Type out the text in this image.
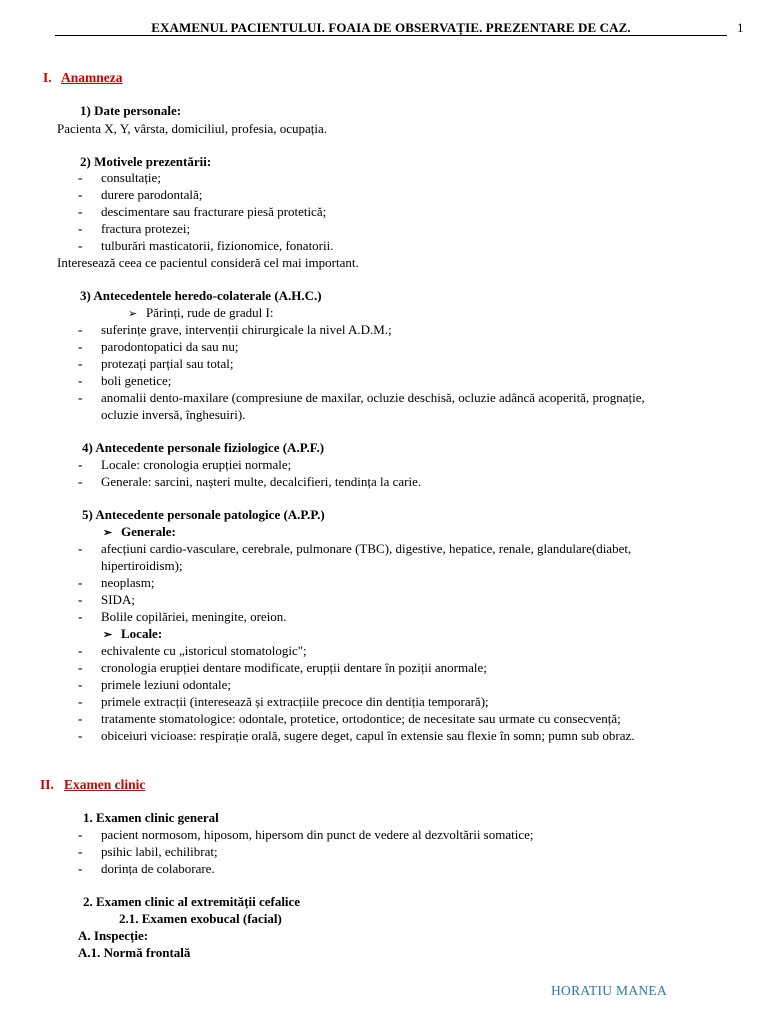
EXAMENUL PACIENTULUI. FOAIA DE OBSERVAȚIE. PREZENTARE DE CAZ.	1
I. Anamneza
1) Date personale:
Pacienta X, Y, vârsta, domiciliul, profesia, ocupația.
2) Motivele prezentării:
- consultație;
- durere parodontală;
- descimentare sau fracturare piesă protetică;
- fractura protezei;
- tulburări masticatorii, fizionomice, fonatorii.
Interesează ceea ce pacientul consideră cel mai important.
3) Antecedentele heredo-colaterale (A.H.C.)
➢ Părinți, rude de gradul I:
- suferințe grave, intervenții chirurgicale la nivel A.D.M.;
- parodontopatici da sau nu;
- protezați parțial sau total;
- boli genetice;
- anomalii dento-maxilare (compresiune de maxilar, ocluzie deschisă, ocluzie adâncă acoperită, prognație,
ocluzie inversă, înghesuiri).
4) Antecedente personale fiziologice (A.P.F.)
- Locale: cronologia erupției normale;
- Generale: sarcini, nașteri multe, decalcifieri, tendința la carie.
5) Antecedente personale patologice (A.P.P.)
➢ Generale:
- afecțiuni cardio-vasculare, cerebrale, pulmonare (TBC), digestive, hepatice, renale, glandulare(diabet,
hipertiroidism);
- neoplasm;
- SIDA;
- Bolile copilăriei, meningite, oreion.
➢ Locale:
- echivalente cu „istoricul stomatologic";
- cronologia erupției dentare modificate, erupții dentare în poziții anormale;
- primele leziuni odontale;
- primele extracții (interesează și extracțiile precoce din dentiția temporară);
- tratamente stomatologice: odontale, protetice, ortodontice; de necesitate sau urmate cu consecvență;
- obiceiuri vicioase: respirație orală, sugere deget, capul în extensie sau flexie în somn; pumn sub obraz.
II. Examen clinic
1. Examen clinic general
- pacient normosom, hiposom, hipersom din punct de vedere al dezvoltării somatice;
- psihic labil, echilibrat;
- dorința de colaborare.
2. Examen clinic al extremității cefalice
2.1. Examen exobucal (facial)
A. Inspecție:
A.1. Normă frontală
HORATIU MANEA
